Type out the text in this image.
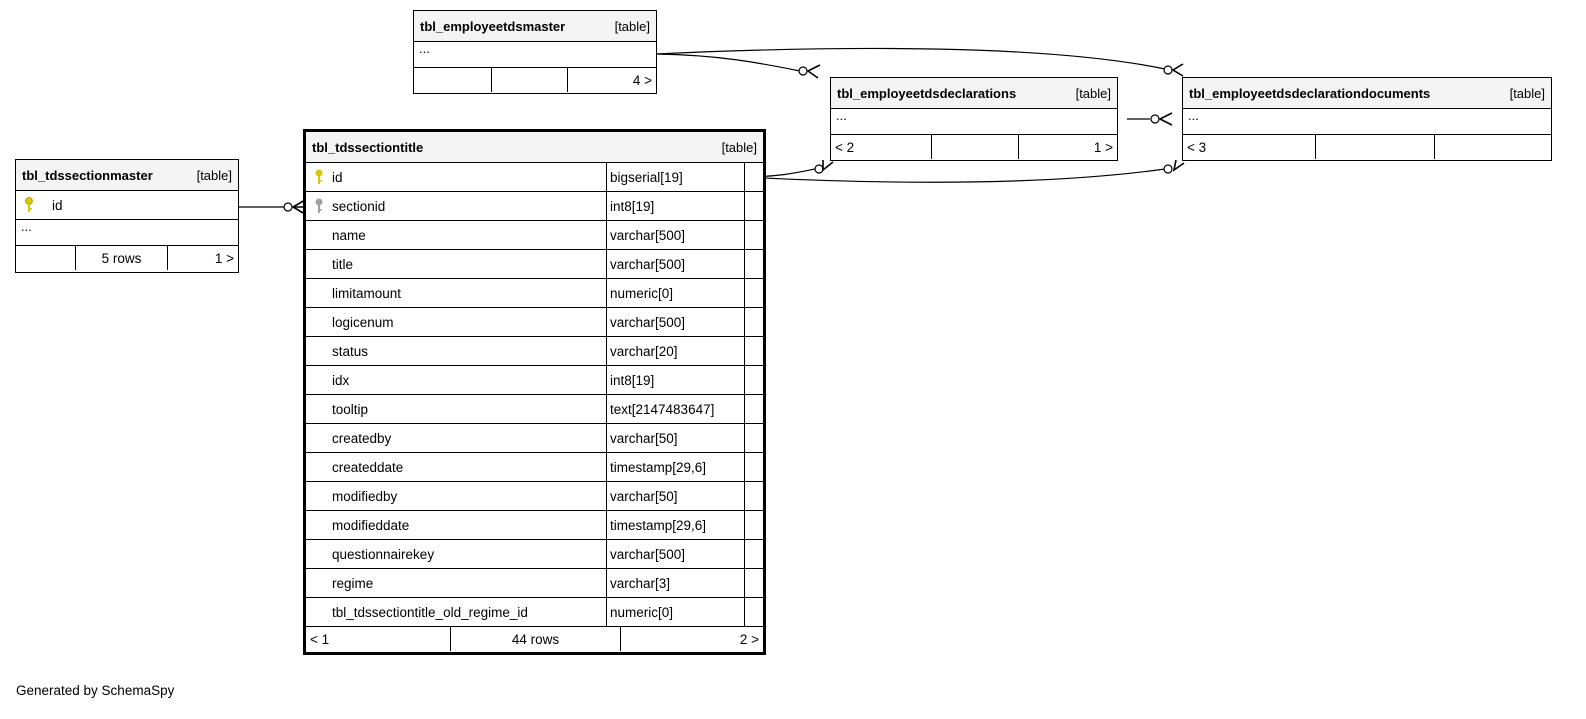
tbl_employeetdsmaster	[table]
...
4 >
tbl_employeetdsdeclarations	[table]
...
< 2	1 >
tbl_employeetdsdeclarationdocuments	[table]
...
< 3
tbl_tdssectionmaster	[table]
id
...
5 rows	1 >
tbl_tdssectiontitle	[table]
id	bigserial[19]
sectionid	int8[19]
name	varchar[500]
title	varchar[500]
limitamount	numeric[0]
logicenum	varchar[500]
status	varchar[20]
idx	int8[19]
tooltip	text[2147483647]
createdby	varchar[50]
createddate	timestamp[29,6]
modifiedby	varchar[50]
modifieddate	timestamp[29,6]
questionnairekey	varchar[500]
regime	varchar[3]
tbl_tdssectiontitle_old_regime_id	numeric[0]
< 1	44 rows	2 >
Generated by SchemaSpy
